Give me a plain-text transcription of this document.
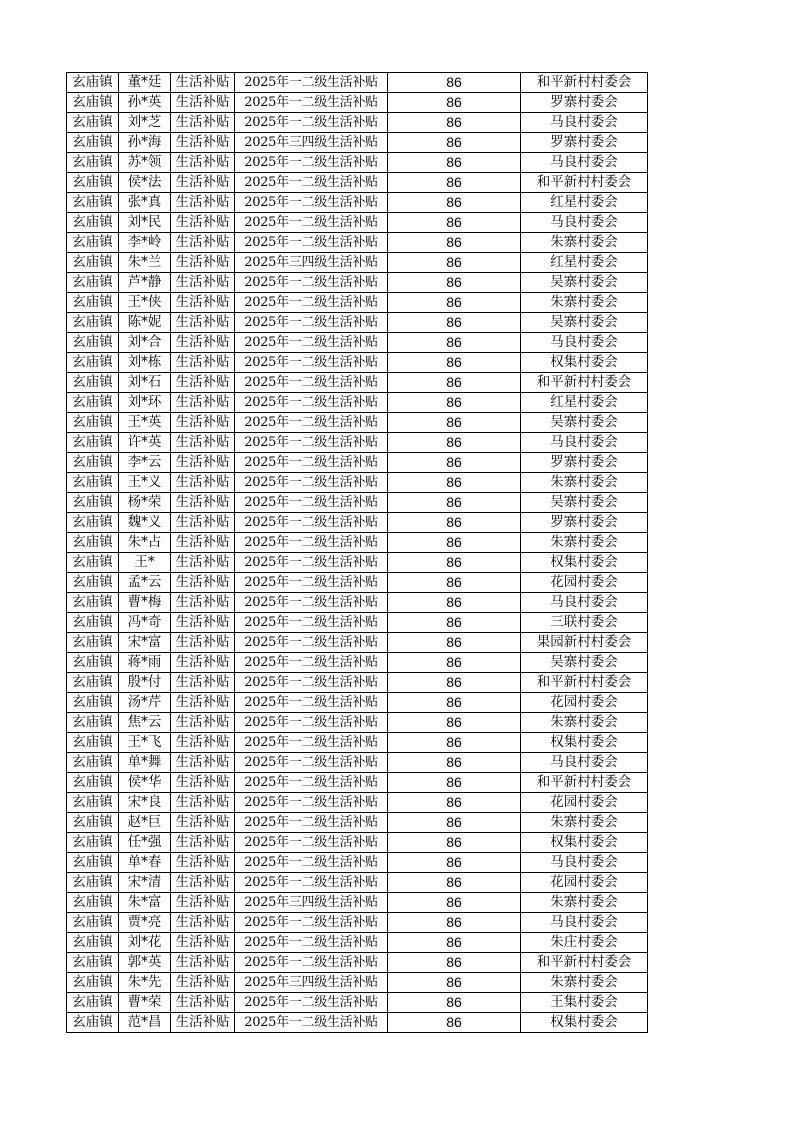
玄庙镇	董*廷	生活补贴	2025年一二级生活补贴	86	和平新村村委会
玄庙镇	孙*英	生活补贴	2025年一二级生活补贴	86	罗寨村委会
玄庙镇	刘*芝	生活补贴	2025年一二级生活补贴	86	马良村委会
玄庙镇	孙*海	生活补贴	2025年三四级生活补贴	86	罗寨村委会
玄庙镇	苏*领	生活补贴	2025年一二级生活补贴	86	马良村委会
玄庙镇	侯*法	生活补贴	2025年一二级生活补贴	86	和平新村村委会
玄庙镇	张*真	生活补贴	2025年一二级生活补贴	86	红星村委会
玄庙镇	刘*民	生活补贴	2025年一二级生活补贴	86	马良村委会
玄庙镇	李*岭	生活补贴	2025年一二级生活补贴	86	朱寨村委会
玄庙镇	朱*兰	生活补贴	2025年三四级生活补贴	86	红星村委会
玄庙镇	芦*静	生活补贴	2025年一二级生活补贴	86	吴寨村委会
玄庙镇	王*侠	生活补贴	2025年一二级生活补贴	86	朱寨村委会
玄庙镇	陈*妮	生活补贴	2025年一二级生活补贴	86	吴寨村委会
玄庙镇	刘*合	生活补贴	2025年一二级生活补贴	86	马良村委会
玄庙镇	刘*栋	生活补贴	2025年一二级生活补贴	86	权集村委会
玄庙镇	刘*石	生活补贴	2025年一二级生活补贴	86	和平新村村委会
玄庙镇	刘*环	生活补贴	2025年一二级生活补贴	86	红星村委会
玄庙镇	王*英	生活补贴	2025年一二级生活补贴	86	吴寨村委会
玄庙镇	许*英	生活补贴	2025年一二级生活补贴	86	马良村委会
玄庙镇	李*云	生活补贴	2025年一二级生活补贴	86	罗寨村委会
玄庙镇	王*义	生活补贴	2025年一二级生活补贴	86	朱寨村委会
玄庙镇	杨*荣	生活补贴	2025年一二级生活补贴	86	吴寨村委会
玄庙镇	魏*义	生活补贴	2025年一二级生活补贴	86	罗寨村委会
玄庙镇	朱*占	生活补贴	2025年一二级生活补贴	86	朱寨村委会
玄庙镇	王*	生活补贴	2025年一二级生活补贴	86	权集村委会
玄庙镇	孟*云	生活补贴	2025年一二级生活补贴	86	花园村委会
玄庙镇	曹*梅	生活补贴	2025年一二级生活补贴	86	马良村委会
玄庙镇	冯*奇	生活补贴	2025年一二级生活补贴	86	三联村委会
玄庙镇	宋*富	生活补贴	2025年一二级生活补贴	86	果园新村村委会
玄庙镇	蒋*雨	生活补贴	2025年一二级生活补贴	86	吴寨村委会
玄庙镇	殷*付	生活补贴	2025年一二级生活补贴	86	和平新村村委会
玄庙镇	汤*芹	生活补贴	2025年一二级生活补贴	86	花园村委会
玄庙镇	焦*云	生活补贴	2025年一二级生活补贴	86	朱寨村委会
玄庙镇	王*飞	生活补贴	2025年一二级生活补贴	86	权集村委会
玄庙镇	单*舞	生活补贴	2025年一二级生活补贴	86	马良村委会
玄庙镇	侯*华	生活补贴	2025年一二级生活补贴	86	和平新村村委会
玄庙镇	宋*良	生活补贴	2025年一二级生活补贴	86	花园村委会
玄庙镇	赵*巨	生活补贴	2025年一二级生活补贴	86	朱寨村委会
玄庙镇	任*强	生活补贴	2025年一二级生活补贴	86	权集村委会
玄庙镇	单*春	生活补贴	2025年一二级生活补贴	86	马良村委会
玄庙镇	宋*清	生活补贴	2025年一二级生活补贴	86	花园村委会
玄庙镇	朱*富	生活补贴	2025年三四级生活补贴	86	朱寨村委会
玄庙镇	贾*亮	生活补贴	2025年一二级生活补贴	86	马良村委会
玄庙镇	刘*花	生活补贴	2025年一二级生活补贴	86	朱庄村委会
玄庙镇	郭*英	生活补贴	2025年一二级生活补贴	86	和平新村村委会
玄庙镇	朱*先	生活补贴	2025年三四级生活补贴	86	朱寨村委会
玄庙镇	曹*荣	生活补贴	2025年一二级生活补贴	86	王集村委会
玄庙镇	范*昌	生活补贴	2025年一二级生活补贴	86	权集村委会
